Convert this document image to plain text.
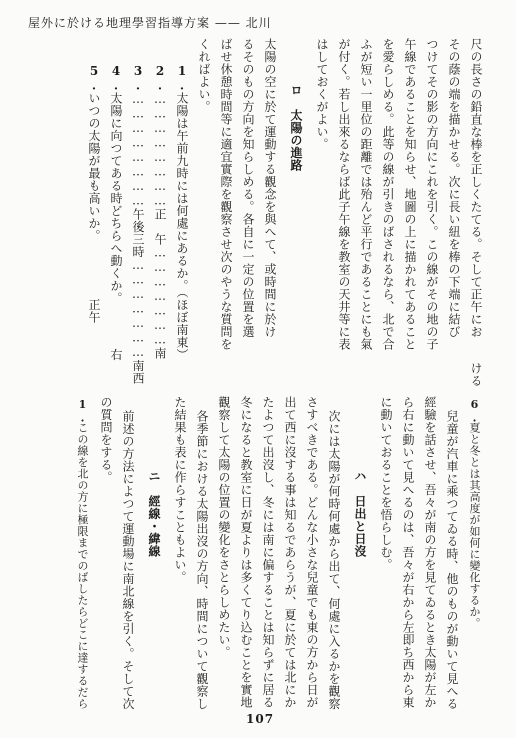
屋外に於ける地理學習指導方案 —— 北川
尺の長さの鉛直な棒を正しくたてる。そして正午にお
ける
その蔭の端を描かせる。次に長い紐を棒の下端に結び
つけてその影の方向にこれを引く。この線がその地の子
午線であることを知らせ、地圖の上に描かれてあること
を愛らしめる。此等の線が引きのばされるなら、北で合
ふが短い一里位の距離では殆んど平行であることにも氣
が付く。若し出來るならば此子午線を教室の天井等に表
はしておくがよい。
ロ　太陽の進路
太陽の空に於て運動する觀念を與へて、或時間に於け
るそのもの方向を知らしめる。各自に一定の位置を選
ばせ休憩時間等に適宜實際を觀察させ次のやうな質問を
くればよい。
1.
太陽は午前九時には何處にあるか。（ほぼ南東）
2.
……………………正　午…………………南
3.
……………………午後三時…………………南西
4.
太陽に向つてある時どちらへ動くか。　　　　右
5.
いつの太陽が最も高いか。　　　　　正午
6.
夏と冬とは其高度が如何に變化するか。
兒童が汽車に乘つてゐる時、他のものが動いて見へる
經驗を話させ、吾々が南の方を見てゐるとき太陽が左か
ら右に動いて見へるのは、吾々が右から左即ち西から東
に動いておることを悟らしむ。
ハ　日出と日沒
次には太陽が何時何處から出て、何處に入るかを觀察
さすべきである。どんな小さな兒童でも東の方から日が
出て西に沒する事は知るであらうが、夏に於ては北にか
たよつて出沒し、冬には南に偏することは知らずに居る
冬になると教室に日が夏よりは多くてり込むことを實地
觀察して太陽の位置の變化をさとらしめたい。
各季節における太陽出沒の方向、時間について觀察し
た結果も表に作らすこともよい。
ニ　經線・緯線
前述の方法によつて運動場に南北線を引く。そして次
の質問をする。
1.
この線を北の方に極限までのばしたらどこに達するだら
107
